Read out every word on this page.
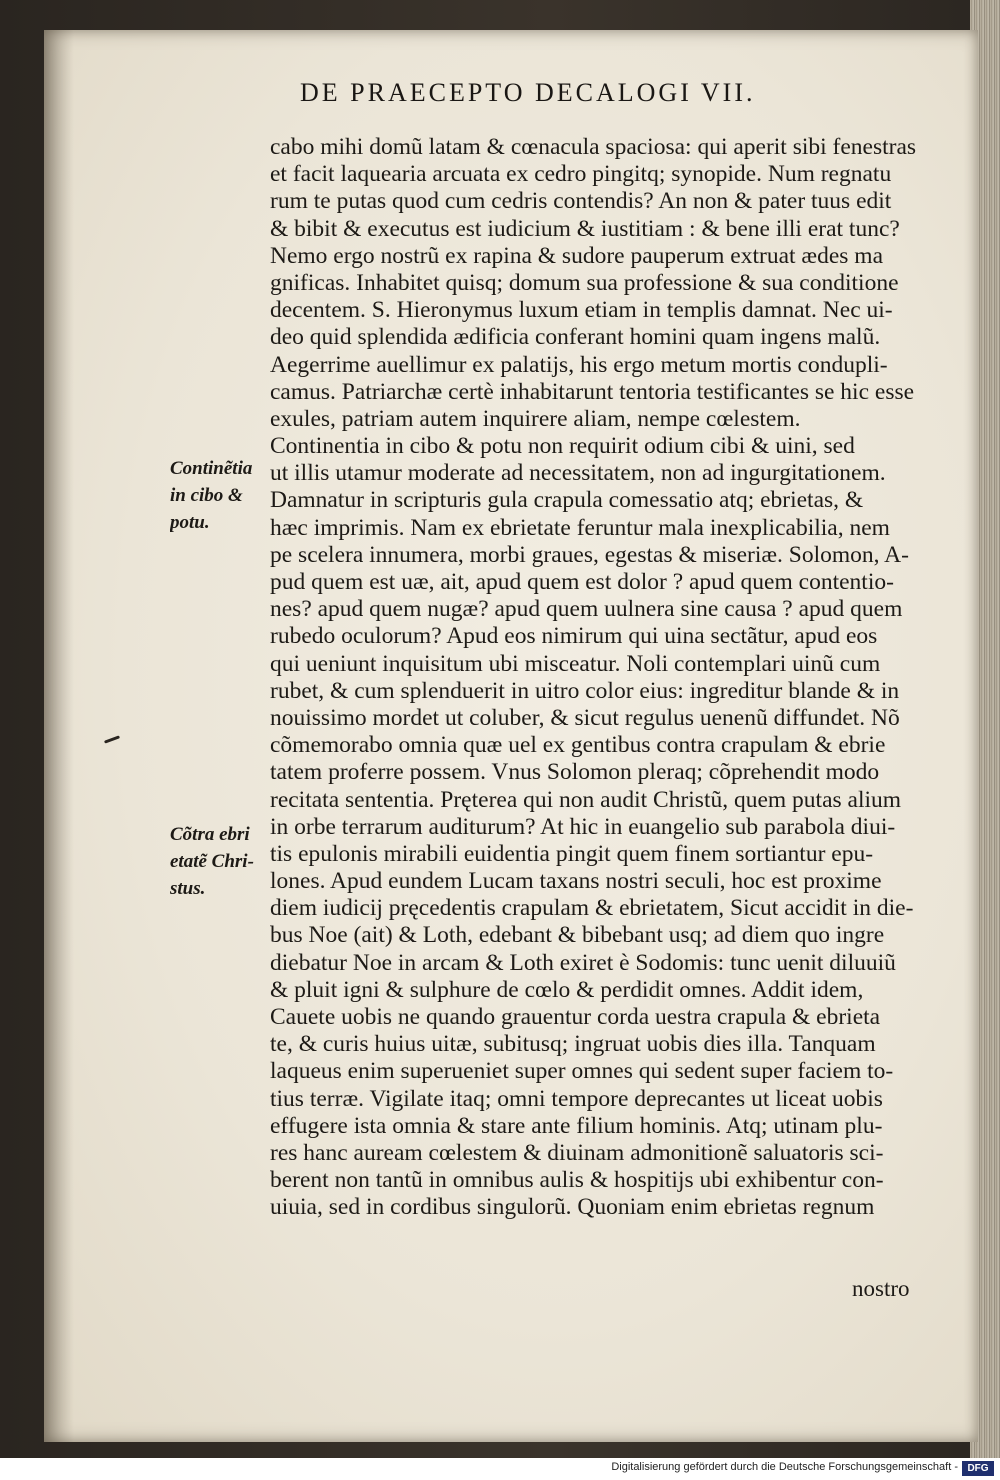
DE PRAECEPTO DECALOGI VII.
cabo mihi domũ latam & cœnacula spaciosa: qui aperit sibi fenestras
et facit laquearia arcuata ex cedro pingitq; synopide. Num regnatu
rum te putas quod cum cedris contendis? An non & pater tuus edit
& bibit & executus est iudicium & iustitiam : & bene illi erat tunc?
Nemo ergo nostrũ ex rapina & sudore pauperum extruat ædes ma
gnificas. Inhabitet quisq; domum sua professione & sua conditione
decentem. S. Hieronymus luxum etiam in templis damnat. Nec ui-
deo quid splendida ædificia conferant homini quam ingens malũ.
Aegerrime auellimur ex palatijs, his ergo metum mortis condupli-
camus. Patriarchæ certè inhabitarunt tentoria testificantes se hic esse
exules, patriam autem inquirere aliam, nempe cœlestem.
Continentia in cibo & potu non requirit odium cibi & uini, sed
ut illis utamur moderate ad necessitatem, non ad ingurgitationem.
Damnatur in scripturis gula crapula comessatio atq; ebrietas, &
hæc imprimis. Nam ex ebrietate feruntur mala inexplicabilia, nem
pe scelera innumera, morbi graues, egestas & miseriæ. Solomon, A-
pud quem est uæ, ait, apud quem est dolor ? apud quem contentio-
nes? apud quem nugæ? apud quem uulnera sine causa ? apud quem
rubedo oculorum? Apud eos nimirum qui uina sectãtur, apud eos
qui ueniunt inquisitum ubi misceatur. Noli contemplari uinũ cum
rubet, & cum splenduerit in uitro color eius: ingreditur blande & in
nouissimo mordet ut coluber, & sicut regulus uenenũ diffundet. Nõ
cõmemorabo omnia quæ uel ex gentibus contra crapulam & ebrie
tatem proferre possem. Vnus Solomon pleraq; cõprehendit modo
recitata sententia. Pręterea qui non audit Christũ, quem putas alium
in orbe terrarum auditurum? At hic in euangelio sub parabola diui-
tis epulonis mirabili euidentia pingit quem finem sortiantur epu-
lones. Apud eundem Lucam taxans nostri seculi, hoc est proxime
diem iudicij pręcedentis crapulam & ebrietatem, Sicut accidit in die-
bus Noe (ait) & Loth, edebant & bibebant usq; ad diem quo ingre
diebatur Noe in arcam & Loth exiret è Sodomis: tunc uenit diluuiũ
& pluit igni & sulphure de cœlo & perdidit omnes. Addit idem,
Cauete uobis ne quando grauentur corda uestra crapula & ebrieta
te, & curis huius uitæ, subitusq; ingruat uobis dies illa. Tanquam
laqueus enim superueniet super omnes qui sedent super faciem to-
tius terræ. Vigilate itaq; omni tempore deprecantes ut liceat uobis
effugere ista omnia & stare ante filium hominis. Atq; utinam plu-
res hanc auream cœlestem & diuinam admonitionẽ saluatoris sci-
berent non tantũ in omnibus aulis & hospitijs ubi exhibentur con-
uiuia, sed in cordibus singulorũ. Quoniam enim ebrietas regnum
Continẽtia
in cibo &
potu.
Cõtra ebri
etatẽ Chri-
stus.
nostro
Digitalisierung gefördert durch die Deutsche Forschungsgemeinschaft - DFG
